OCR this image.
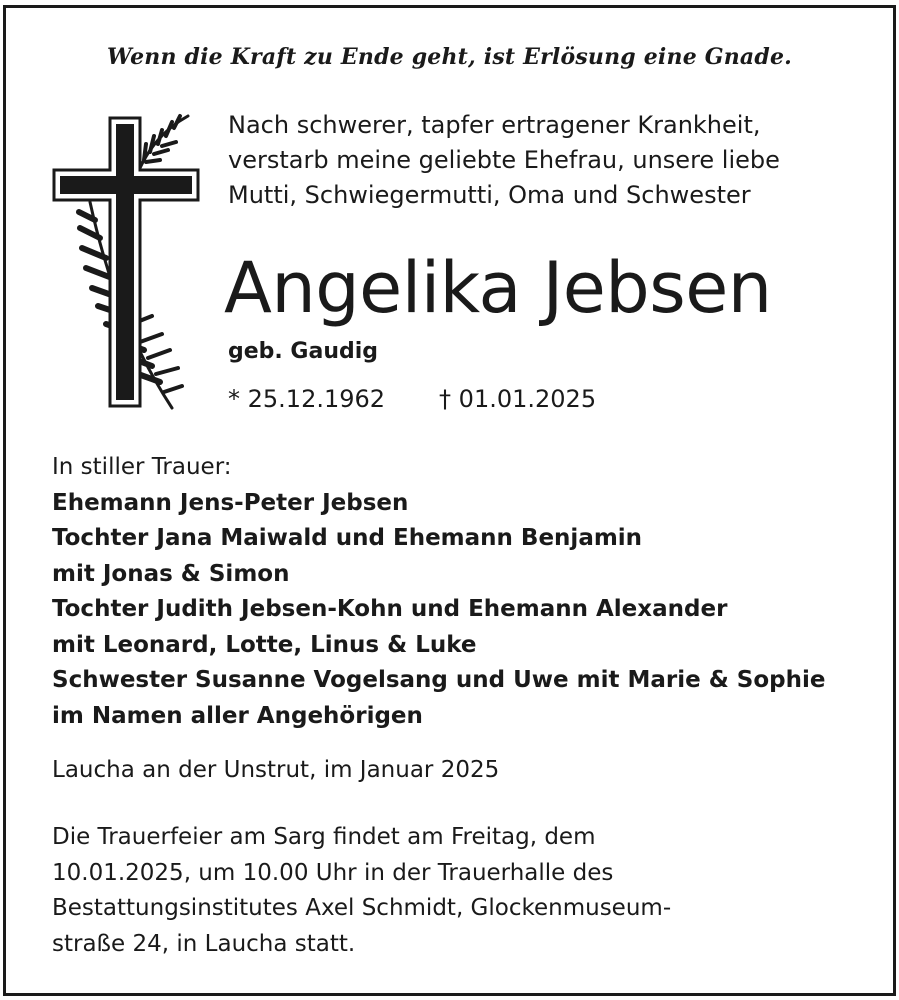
Wenn die Kraft zu Ende geht, ist Erlösung eine Gnade.
Nach schwerer, tapfer ertragener Krankheit,
verstarb meine geliebte Ehefrau, unsere liebe
Mutti, Schwiegermutti, Oma und Schwester
Angelika Jebsen
geb. Gaudig
* 25.12.1962 † 01.01.2025
In stiller Trauer:
Ehemann Jens-Peter Jebsen
Tochter Jana Maiwald und Ehemann Benjamin
mit Jonas & Simon
Tochter Judith Jebsen-Kohn und Ehemann Alexander
mit Leonard, Lotte, Linus & Luke
Schwester Susanne Vogelsang und Uwe mit Marie & Sophie
im Namen aller Angehörigen
Laucha an der Unstrut, im Januar 2025
Die Trauerfeier am Sarg findet am Freitag, dem
10.01.2025, um 10.00 Uhr in der Trauerhalle des
Bestattungsinstitutes Axel Schmidt, Glockenmuseum-
straße 24, in Laucha statt.
